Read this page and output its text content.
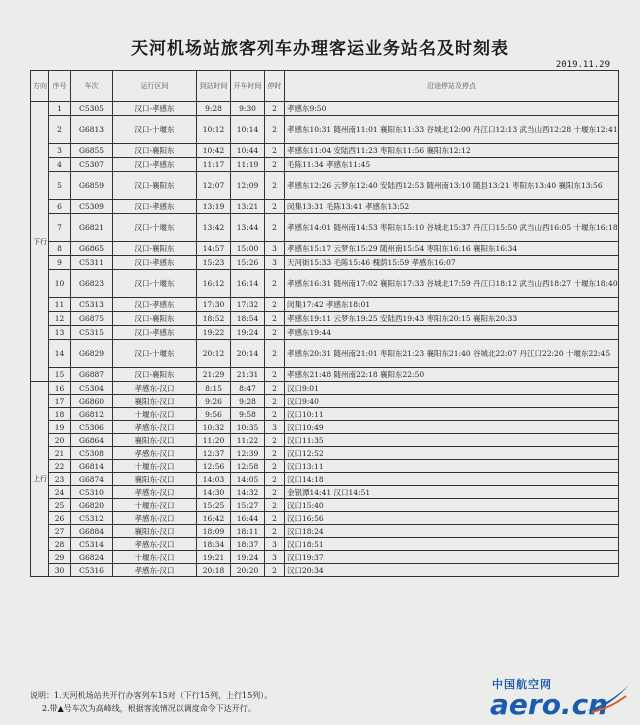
天河机场站旅客列车办理客运业务站名及时刻表
2019.11.29
方向	序号	车次	运行区间	到站时间	开车时间	停时	沿途停站及停点
下行	1	C5305	汉口-孝感东	9:28	9:30	2	孝感东9:50
	2	G6813	汉口-十堰东	10:12	10:14	2	孝感东10:31 随州南11:01 襄阳东11:33 谷城北12:00 丹江口12:13 武当山西12:28 十堰东12:41
	3	G6855	汉口-襄阳东	10:42	10:44	2	孝感东11:04 安陆西11:23 枣阳东11:56 襄阳东12:12
	4	C5307	汉口-孝感东	11:17	11:19	2	毛陈11:34 孝感东11:45
	5	G6859	汉口-襄阳东	12:07	12:09	2	孝感东12:26 云梦东12:40 安陆西12:53 随州南13:10 随县13:21 枣阳东13:40 襄阳东13:56
	6	C5309	汉口-孝感东	13:19	13:21	2	闵集13:31 毛陈13:41 孝感东13:52
	7	G6821	汉口-十堰东	13:42	13:44	2	孝感东14:01 随州南14:53 枣阳东15:10 谷城北15:37 丹江口15:50 武当山西16:05 十堰东16:18
	8	G6865	汉口-襄阳东	14:57	15:00	3	孝感东15:17 云梦东15:29 随州南15:54 枣阳东16:16 襄阳东16:34
	9	C5311	汉口-孝感东	15:23	15:26	3	天河街15:33 毛陈15:46 槐荫15:59 孝感东16:07
	10	G6823	汉口-十堰东	16:12	16:14	2	孝感东16:31 随州南17:02 襄阳东17:33 谷城北17:59 丹江口18:12 武当山西18:27 十堰东18:40
	11	C5313	汉口-孝感东	17:30	17:32	2	闵集17:42 孝感东18:01
	12	G6875	汉口-襄阳东	18:52	18:54	2	孝感东19:11 云梦东19:25 安陆西19:43 枣阳东20:15 襄阳东20:33
	13	C5315	汉口-孝感东	19:22	19:24	2	孝感东19:44
	14	G6829	汉口-十堰东	20:12	20:14	2	孝感东20:31 随州南21:01 枣阳东21:23 襄阳东21:40 谷城北22:07 丹江口22:20 十堰东22:45
	15	G6887	汉口-襄阳东	21:29	21:31	2	孝感东21:48 随州南22:18 襄阳东22:50
上行	16	C5304	孝感东-汉口	8:15	8:47	2	汉口9:01
	17	G6860	襄阳东-汉口	9:26	9:28	2	汉口9:40
	18	G6812	十堰东-汉口	9:56	9:58	2	汉口10:11
	19	C5306	孝感东-汉口	10:32	10:35	3	汉口10:49
	20	G6864	襄阳东-汉口	11:20	11:22	2	汉口11:35
	21	C5308	孝感东-汉口	12:37	12:39	2	汉口12:52
	22	G6814	十堰东-汉口	12:56	12:58	2	汉口13:11
	23	G6874	襄阳东-汉口	14:03	14:05	2	汉口14:18
	24	C5310	孝感东-汉口	14:30	14:32	2	金银潭14:41 汉口14:51
	25	G6820	十堰东-汉口	15:25	15:27	2	汉口15:40
	26	C5312	孝感东-汉口	16:42	16:44	2	汉口16:56
	27	G6884	襄阳东-汉口	18:09	18:11	2	汉口18:24
	28	C5314	孝感东-汉口	18:34	18:37	3	汉口18:51
	29	G6824	十堰东-汉口	19:21	19:24	3	汉口19:37
	30	C5316	孝感东-汉口	20:18	20:20	2	汉口20:34
说明：1.天河机场站共开行办客列车15对（下行15列，上行15列）。
2.带▲号车次为高峰线，根据客流情况以调度命令下达开行。
中国航空网
aero.cn
